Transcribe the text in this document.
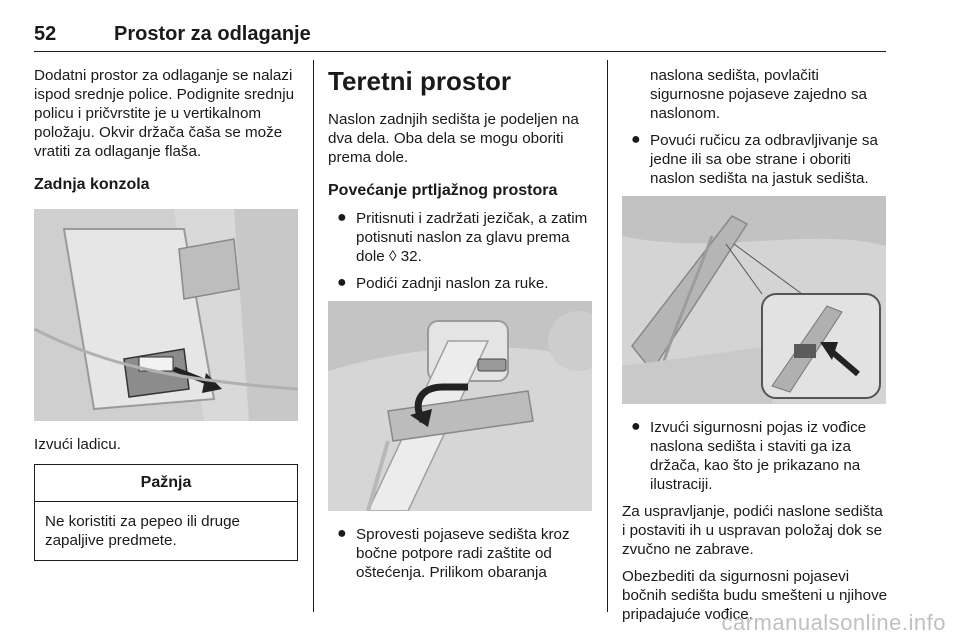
52	Prostor za odlaganje

Dodatni prostor za odlaganje se nalazi ispod srednje police. Podignite srednju policu i pričvrstite je u vertikalnom položaju. Okvir držača čaša se može vratiti za odlaganje flaša.

Zadnja konzola

Izvući ladicu.

Pažnja

Ne koristiti za pepeo ili druge zapaljive predmete.

Teretni prostor

Naslon zadnjih sedišta je podeljen na dva dela. Oba dela se mogu oboriti prema dole.

Povećanje prtljažnog prostora
● Pritisnuti i zadržati jezičak, a zatim potisnuti naslon za glavu prema dole ◊ 32.

● Podići zadnji naslon za ruke.

● Sprovesti pojaseve sedišta kroz bočne potpore radi zaštite od oštećenja. Prilikom obaranja

naslona sedišta, povlačiti sigurnosne pojaseve zajedno sa naslonom.

● Povući ručicu za odbravljivanje sa jedne ili sa obe strane i oboriti naslon sedišta na jastuk sedišta.

● Izvući sigurnosni pojas iz vođice naslona sedišta i staviti ga iza držača, kao što je prikazano na ilustraciji.

Za uspravljanje, podići naslone sedišta i postaviti ih u uspravan položaj dok se zvučno ne zabrave.

Obezbediti da sigurnosni pojasevi bočnih sedišta budu smešteni u njihove pripadajuće vođice.

carmanualsonline.info
